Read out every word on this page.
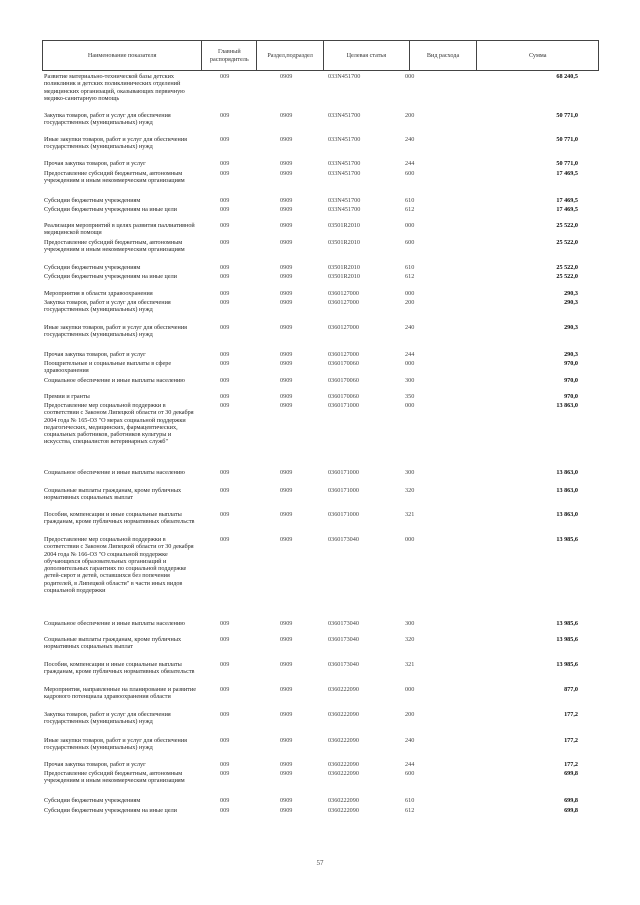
Наименование показателя
Главный распорядитель
Раздел,подраздел	Целевая статья	Вид расхода	Сумма
Развитие материально-технической базы детских поликлиник и детских поликлинических отделений медицинских организаций, оказывающих первичную медико-санитарную помощь
009	0909	033N451700	000	68 240,5
Закупка товаров, работ и услуг для обеспечения государственных (муниципальных) нужд
009	0909	033N451700	200	50 771,0
Иные закупки товаров, работ и услуг для обеспечения государственных (муниципальных) нужд
009	0909	033N451700	240	50 771,0
Прочая закупка товаров, работ и услуг	009	0909	033N451700	244	50 771,0
Предоставление субсидий бюджетным, автономным учреждениям и иным некоммерческим организациям
009	0909	033N451700	600	17 469,5
Субсидии бюджетным учреждениям	009	0909	033N451700	610	17 469,5
Субсидии бюджетным учреждениям на иные цели	009	0909	033N451700	612	17 469,5
Реализация мероприятий в целях развития паллиативной медицинской помощи
009	0909	03501R2010	000	25 522,0
Предоставление субсидий бюджетным, автономным учреждениям и иным некоммерческим организациям
009	0909	03501R2010	600	25 522,0
Субсидии бюджетным учреждениям	009	0909	03501R2010	610	25 522,0
Субсидии бюджетным учреждениям на иные цели	009	0909	03501R2010	612	25 522,0
Мероприятия в области здравоохранения	009	0909	0360127000	000	290,3
Закупка товаров, работ и услуг для обеспечения государственных (муниципальных) нужд
009	0909	0360127000	200	290,3
Иные закупки товаров, работ и услуг для обеспечения государственных (муниципальных) нужд
009	0909	0360127000	240	290,3
Прочая закупка товаров, работ и услуг	009	0909	0360127000	244	290,3
Поощрительные и социальные выплаты в сфере здравоохранения
009	0909	0360170060	000	970,0
Социальное обеспечение и иные выплаты населению	009	0909	0360170060	300	970,0
Премии и гранты	009	0909	0360170060	350	970,0
Предоставление мер социальной поддержки в соответствии с Законом Липецкой области от 30 декабря 2004 года № 165-ОЗ "О мерах социальной поддержки педагогических, медицинских, фармацевтических, социальных работников, работников культуры и искусства, специалистов ветеринарных служб"
009	0909	0360171000	000	13 863,0
Социальное обеспечение и иные выплаты населению	009	0909	0360171000	300	13 863,0
Социальные выплаты гражданам, кроме публичных нормативных социальных выплат
009	0909	0360171000	320	13 863,0
Пособия, компенсации и иные социальные выплаты гражданам, кроме публичных нормативных обязательств
009	0909	0360171000	321	13 863,0
Предоставление мер социальной поддержки в соответствии с Законом Липецкой области от 30 декабря 2004 года № 166-ОЗ "О социальной поддержке обучающихся образовательных организаций и дополнительных гарантиях по социальной поддержке детей-сирот и детей, оставшихся без попечения родителей, в Липецкой области" в части иных видов социальной поддержки
009	0909	0360173040	000	13 985,6
Социальное обеспечение и иные выплаты населению	009	0909	0360173040	300	13 985,6
Социальные выплаты гражданам, кроме публичных нормативных социальных выплат
009	0909	0360173040	320	13 985,6
Пособия, компенсации и иные социальные выплаты гражданам, кроме публичных нормативных обязательств
009	0909	0360173040	321	13 985,6
Мероприятия, направленные на планирование и развитие кадрового потенциала здравоохранения области
009	0909	0360222090	000	877,0
Закупка товаров, работ и услуг для обеспечения государственных (муниципальных) нужд
009	0909	0360222090	200	177,2
Иные закупки товаров, работ и услуг для обеспечения государственных (муниципальных) нужд
009	0909	0360222090	240	177,2
Прочая закупка товаров, работ и услуг	009	0909	0360222090	244	177,2
Предоставление субсидий бюджетным, автономным учреждениям и иным некоммерческим организациям
009	0909	0360222090	600	699,8
Субсидии бюджетным учреждениям	009	0909	0360222090	610	699,8
Субсидии бюджетным учреждениям на иные цели	009	0909	0360222090	612	699,8
57
